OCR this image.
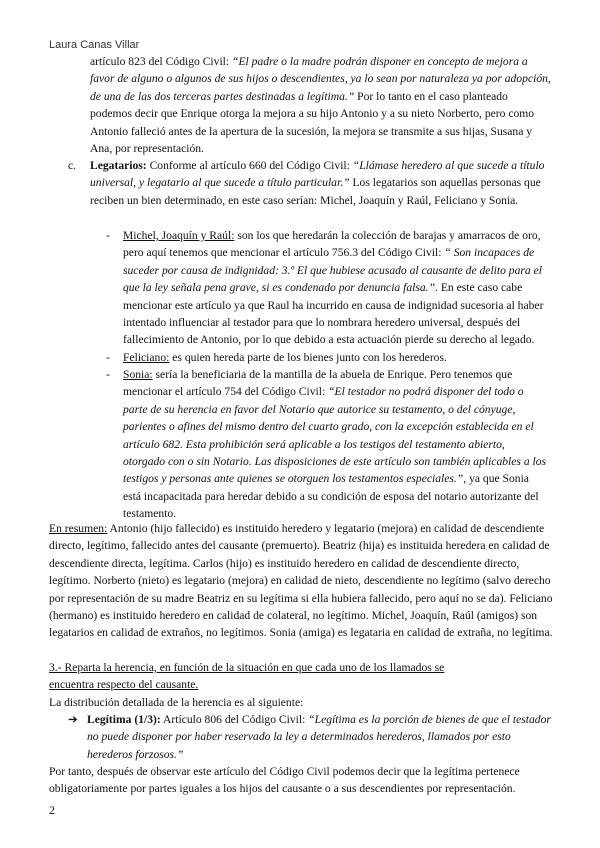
Laura Canas Villar

artículo 823 del Código Civil: “El padre o la madre podrán disponer en concepto de mejora a favor de alguno o algunos de sus hijos o descendientes, ya lo sean por naturaleza ya por adopción, de una de las dos terceras partes destinadas a legítima.” Por lo tanto en el caso planteado podemos decir que Enrique otorga la mejora a su hijo Antonio y a su nieto Norberto, pero como Antonio falleció antes de la apertura de la sucesión, la mejora se transmite a sus hijas, Susana y Ana, por representación.

c. Legatarios: Conforme al artículo 660 del Código Civil: “Llámase heredero al que sucede a título universal, y legatario al que sucede a título particular.” Los legatarios son aquellas personas que reciben un bien determinado, en este caso serían: Michel, Joaquín y Raúl, Feliciano y Sonia.

- Michel, Joaquín y Raúl: son los que heredarán la colección de barajas y amarracos de oro, pero aquí tenemos que mencionar el artículo 756.3 del Código Civil: “ Son incapaces de suceder por causa de indignidad: 3.º El que hubiese acusado al causante de delito para el que la ley señala pena grave, si es condenado por denuncia falsa.”. En este caso cabe mencionar este artículo ya que Raul ha incurrido en causa de indignidad sucesoria al haber intentado influenciar al testador para que lo nombrara heredero universal, después del fallecimiento de Antonio, por lo que debido a esta actuación pierde su derecho al legado.

- Feliciano: es quien hereda parte de los bienes junto con los herederos.

- Sonia: sería la beneficiaria de la mantilla de la abuela de Enrique. Pero tenemos que mencionar el artículo 754 del Código Civil: “El testador no podrá disponer del todo o parte de su herencia en favor del Notario que autorice su testamento, o del cónyuge, parientes o afines del mismo dentro del cuarto grado, con la excepción establecida en el artículo 682. Esta prohibición será aplicable a los testigos del testamento abierto, otorgado con o sin Notario. Las disposiciones de este artículo son también aplicables a los testigos y personas ante quienes se otorguen los testamentos especiales.”, ya que Sonia está incapacitada para heredar debido a su condición de esposa del notario autorizante del testamento.

En resumen: Antonio (hijo fallecido) es instituido heredero y legatario (mejora) en calidad de descendiente directo, legítimo, fallecido antes del causante (premuerto). Beatriz (hija) es instituida heredera en calidad de descendiente directa, legítima. Carlos (hijo) es instituido heredero en calidad de descendiente directo, legítimo. Norberto (nieto) es legatario (mejora) en calidad de nieto, descendiente no legítimo (salvo derecho por representación de su madre Beatriz en su legítima si ella hubiera fallecido, pero aquí no se da). Feliciano (hermano) es instituido heredero en calidad de colateral, no legítimo. Michel, Joaquín, Raúl (amigos) son legatarios en calidad de extraños, no legítimos. Sonia (amiga) es legataria en calidad de extraña, no legítima.

3.- Reparta la herencia, en función de la situación en que cada uno de los llamados se encuentra respecto del causante.

La distribución detallada de la herencia es al siguiente:

➔ Legítima (1/3): Artículo 806 del Código Civil: “Legítima es la porción de bienes de que el testador no puede disponer por haber reservado la ley a determinados herederos, llamados por esto herederos forzosos.”

Por tanto, después de observar este artículo del Código Civil podemos decir que la legítima pertenece obligatoriamente por partes iguales a los hijos del causante o a sus descendientes por representación.

2
